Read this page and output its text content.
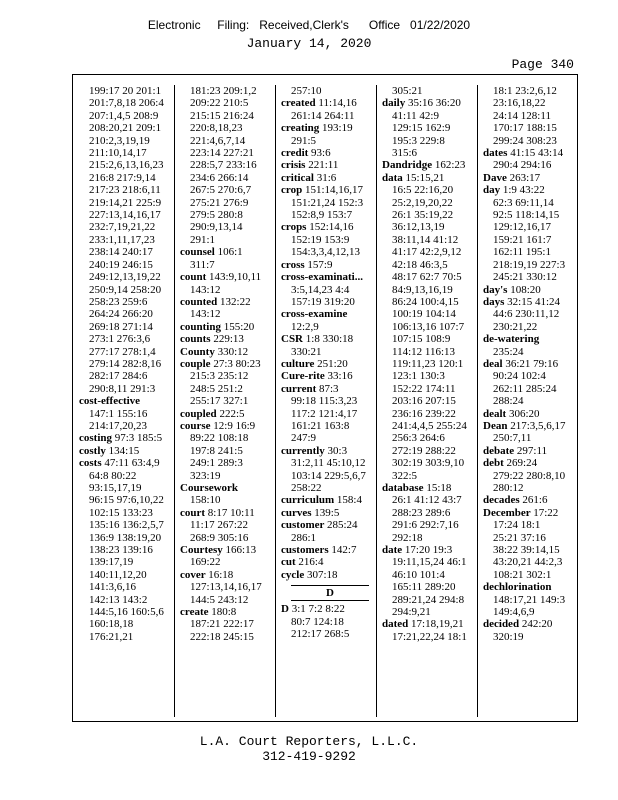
Electronic     Filing:   Received,Clerk's      Office   01/22/2020
January 14, 2020
Page 340
199:17 20 201:1
201:7,8,18 206:4
207:1,4,5 208:9
208:20,21 209:1
210:2,3,19,19
211:10,14,17
215:2,6,13,16,23
216:8 217:9,14
217:23 218:6,11
219:14,21 225:9
227:13,14,16,17
232:7,19,21,22
233:1,11,17,23
238:14 240:17
240:19 246:15
249:12,13,19,22
250:9,14 258:20
258:23 259:6
264:24 266:20
269:18 271:14
273:1 276:3,6
277:17 278:1,4
279:14 282:8,16
282:17 284:6
290:8,11 291:3
cost-effective
147:1 155:16
214:17,20,23
costing 97:3 185:5
costly 134:15
costs 47:11 63:4,9
64:8 80:22
93:15,17,19
96:15 97:6,10,22
102:15 133:23
135:16 136:2,5,7
136:9 138:19,20
138:23 139:16
139:17,19
140:11,12,20
141:3,6,16
142:13 143:2
144:5,16 160:5,6
160:18,18
176:21,21
181:23 209:1,2
209:22 210:5
215:15 216:24
220:8,18,23
221:4,6,7,14
223:14 227:21
228:5,7 233:16
234:6 266:14
267:5 270:6,7
275:21 276:9
279:5 280:8
290:9,13,14
291:1
counsel 106:1
311:7
count 143:9,10,11
143:12
counted 132:22
143:12
counting 155:20
counts 229:13
County 330:12
couple 27:3 80:23
215:3 235:12
248:5 251:2
255:17 327:1
coupled 222:5
course 12:9 16:9
89:22 108:18
197:8 241:5
249:1 289:3
323:19
Coursework
158:10
court 8:17 10:11
11:17 267:22
268:9 305:16
Courtesy 166:13
169:22
cover 16:18
127:13,14,16,17
144:5 243:12
create 180:8
187:21 222:17
222:18 245:15
257:10
created 11:14,16
261:14 264:11
creating 193:19
291:5
credit 93:6
crisis 221:11
critical 31:6
crop 151:14,16,17
151:21,24 152:3
152:8,9 153:7
crops 152:14,16
152:19 153:9
154:3,3,4,12,13
cross 157:9
cross-examinati...
3:5,14,23 4:4
157:19 319:20
cross-examine
12:2,9
CSR 1:8 330:18
330:21
culture 251:20
Cure-rite 33:16
current 87:3
99:18 115:3,23
117:2 121:4,17
161:21 163:8
247:9
currently 30:3
31:2,11 45:10,12
103:14 229:5,6,7
258:22
curriculum 158:4
curves 139:5
customer 285:24
286:1
customers 142:7
cut 216:4
cycle 307:18
D
D 3:1 7:2 8:22
80:7 124:18
212:17 268:5
305:21
daily 35:16 36:20
41:11 42:9
129:15 162:9
195:3 229:8
315:6
Dandridge 162:23
data 15:15,21
16:5 22:16,20
25:2,19,20,22
26:1 35:19,22
36:12,13,19
38:11,14 41:12
41:17 42:2,9,12
42:18 46:3,5
48:17 62:7 70:5
84:9,13,16,19
86:24 100:4,15
100:19 104:14
106:13,16 107:7
107:15 108:9
114:12 116:13
119:11,23 120:1
123:1 130:3
152:22 174:11
203:16 207:15
236:16 239:22
241:4,4,5 255:24
256:3 264:6
272:19 288:22
302:19 303:9,10
322:5
database 15:18
26:1 41:12 43:7
288:23 289:6
291:6 292:7,16
292:18
date 17:20 19:3
19:11,15,24 46:1
46:10 101:4
165:11 289:20
289:21,24 294:8
294:9,21
dated 17:18,19,21
17:21,22,24 18:1
18:1 23:2,6,12
23:16,18,22
24:14 128:11
170:17 188:15
299:24 308:23
dates 41:15 43:14
290:4 294:16
Dave 263:17
day 1:9 43:22
62:3 69:11,14
92:5 118:14,15
129:12,16,17
159:21 161:7
162:11 195:1
218:19,19 227:3
245:21 330:12
day's 108:20
days 32:15 41:24
44:6 230:11,12
230:21,22
de-watering
235:24
deal 36:21 79:16
90:24 102:4
262:11 285:24
288:24
dealt 306:20
Dean 217:3,5,6,17
250:7,11
debate 297:11
debt 269:24
279:22 280:8,10
280:12
decades 261:6
December 17:22
17:24 18:1
25:21 37:16
38:22 39:14,15
43:20,21 44:2,3
108:21 302:1
dechlorination
148:17,21 149:3
149:4,6,9
decided 242:20
320:19
L.A. Court Reporters, L.L.C.
312-419-9292
